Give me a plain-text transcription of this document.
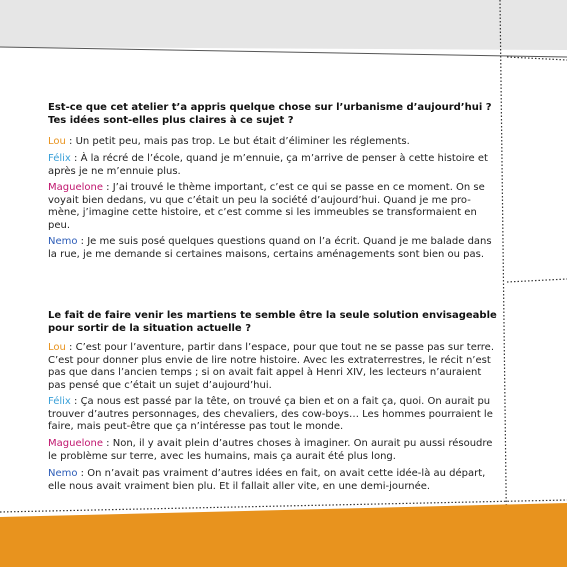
Est-ce que cet atelier t’a appris quelque chose sur l’urbanisme d’aujourd’hui ? Tes idées sont-elles plus claires à ce sujet ?

Lou : Un petit peu, mais pas trop. Le but était d’éliminer les réglements.

Félix : À la récré de l’école, quand je m’ennuie, ça m’arrive de penser à cette histoire et après je ne m’ennuie plus.

Maguelone : J’ai trouvé le thème important, c’est ce qui se passe en ce moment. On se voyait bien dedans, vu que c’était un peu la société d’aujourd’hui. Quand je me pro-mène, j’imagine cette histoire, et c’est comme si les immeubles se transformaient en peu.

Nemo : Je me suis posé quelques questions quand on l’a écrit. Quand je me balade dans la rue, je me demande si certaines maisons, certains aménagements sont bien ou pas.

Le fait de faire venir les martiens te semble être la seule solution envisageable pour sortir de la situation actuelle ?

Lou : C’est pour l’aventure, partir dans l’espace, pour que tout ne se passe pas sur terre. C’est pour donner plus envie de lire notre histoire. Avec les extraterrestres, le récit n’est pas que dans l’ancien temps ; si on avait fait appel à Henri XIV, les lecteurs n’auraient pas pensé que c’était un sujet d’aujourd’hui.

Félix : Ça nous est passé par la tête, on trouvé ça bien et on a fait ça, quoi. On aurait pu trouver d’autres personnages, des chevaliers, des cow-boys… Les hommes pourraient le faire, mais peut-être que ça n’intéresse pas tout le monde.

Maguelone : Non, il y avait plein d’autres choses à imaginer. On aurait pu aussi résoudre le problème sur terre, avec les humains, mais ça aurait été plus long.

Nemo : On n’avait pas vraiment d’autres idées en fait, on avait cette idée-là au départ, elle nous avait vraiment bien plu. Et il fallait aller vite, en une demi-journée.
